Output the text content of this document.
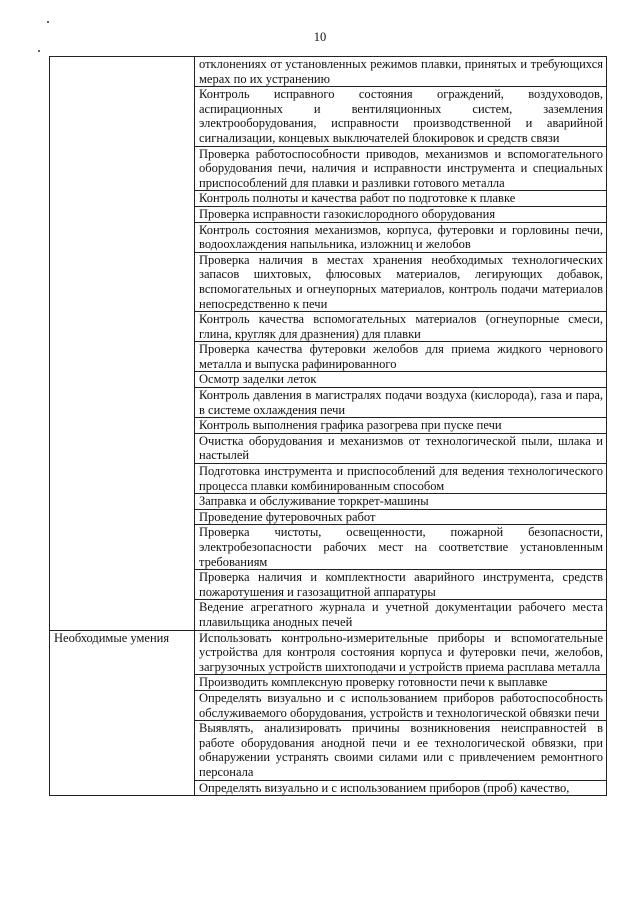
10
	отклонениях от установленных режимов плавки, принятых и требующихся мерах по их устранению
	Контроль исправного состояния ограждений, воздуховодов, аспирационных и вентиляционных систем, заземления электрооборудования, исправности производственной и аварийной сигнализации, концевых выключателей блокировок и средств связи
	Проверка работоспособности приводов, механизмов и вспомогательного оборудования печи, наличия и исправности инструмента и специальных приспособлений для плавки и разливки готового металла
	Контроль полноты и качества работ по подготовке к плавке
	Проверка исправности газокислородного оборудования
	Контроль состояния механизмов, корпуса, футеровки и горловины печи, водоохлаждения напыльника, изложниц и желобов
	Проверка наличия в местах хранения необходимых технологических запасов шихтовых, флюсовых материалов, легирующих добавок, вспомогательных и огнеупорных материалов, контроль подачи материалов непосредственно к печи
	Контроль качества вспомогательных материалов (огнеупорные смеси, глина, кругляк для дразнения) для плавки
	Проверка качества футеровки желобов для приема жидкого чернового металла и выпуска рафинированного
	Осмотр заделки леток
	Контроль давления в магистралях подачи воздуха (кислорода), газа и пара, в системе охлаждения печи
	Контроль выполнения графика разогрева при пуске печи
	Очистка оборудования и механизмов от технологической пыли, шлака и настылей
	Подготовка инструмента и приспособлений для ведения технологического процесса плавки комбинированным способом
	Заправка и обслуживание торкрет-машины
	Проведение футеровочных работ
	Проверка чистоты, освещенности, пожарной безопасности, электробезопасности рабочих мест на соответствие установленным требованиям
	Проверка наличия и комплектности аварийного инструмента, средств пожаротушения и газозащитной аппаратуры
	Ведение агрегатного журнала и учетной документации рабочего места плавильщика анодных печей
Необходимые умения	Использовать контрольно-измерительные приборы и вспомогательные устройства для контроля состояния корпуса и футеровки печи, желобов, загрузочных устройств шихтоподачи и устройств приема расплава металла
	Производить комплексную проверку готовности печи к выплавке
	Определять визуально и с использованием приборов работоспособность обслуживаемого оборудования, устройств и технологической обвязки печи
	Выявлять, анализировать причины возникновения неисправностей в работе оборудования анодной печи и ее технологической обвязки, при обнаружении устранять своими силами или с привлечением ремонтного персонала
	Определять визуально и с использованием приборов (проб) качество,
